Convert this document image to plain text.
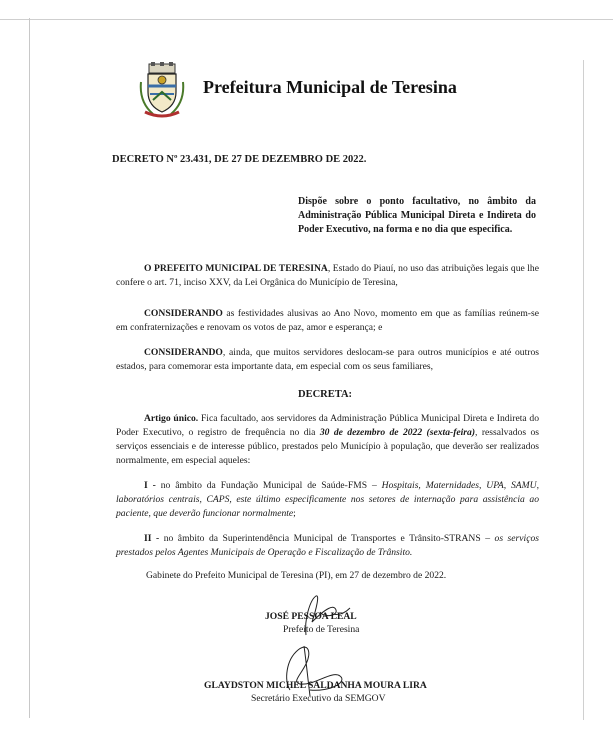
Prefeitura Municipal de Teresina
DECRETO Nº 23.431, DE 27 DE DEZEMBRO DE 2022.
Dispõe sobre o ponto facultativo, no âmbito da Administração Pública Municipal Direta e Indireta do Poder Executivo, na forma e no dia que especifica.
O PREFEITO MUNICIPAL DE TERESINA, Estado do Piauí, no uso das atribuições legais que lhe confere o art. 71, inciso XXV, da Lei Orgânica do Município de Teresina,
CONSIDERANDO as festividades alusivas ao Ano Novo, momento em que as famílias reúnem-se em confraternizações e renovam os votos de paz, amor e esperança; e
CONSIDERANDO, ainda, que muitos servidores deslocam-se para outros municípios e até outros estados, para comemorar esta importante data, em especial com os seus familiares,
DECRETA:
Artigo único. Fica facultado, aos servidores da Administração Pública Municipal Direta e Indireta do Poder Executivo, o registro de frequência no dia 30 de dezembro de 2022 (sexta-feira), ressalvados os serviços essenciais e de interesse público, prestados pelo Município à população, que deverão ser realizados normalmente, em especial aqueles:
I - no âmbito da Fundação Municipal de Saúde-FMS – Hospitais, Maternidades, UPA, SAMU, laboratórios centrais, CAPS, este último especificamente nos setores de internação para assistência ao paciente, que deverão funcionar normalmente;
II - no âmbito da Superintendência Municipal de Transportes e Trânsito-STRANS – os serviços prestados pelos Agentes Municipais de Operação e Fiscalização de Trânsito.
Gabinete do Prefeito Municipal de Teresina (PI), em 27 de dezembro de 2022.
JOSÉ PESSOA LEAL
Prefeito de Teresina
GLAYDSTON MICHEL SALDANHA MOURA LIRA
Secretário Executivo da SEMGOV
